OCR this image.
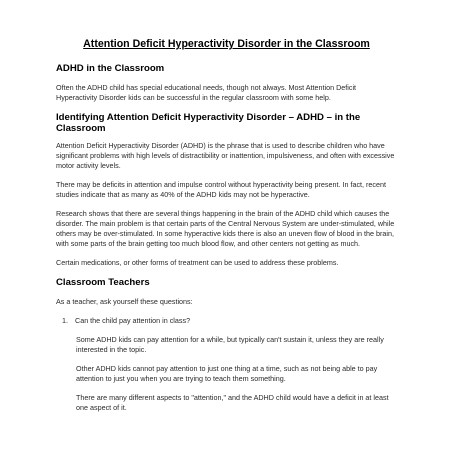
Attention Deficit Hyperactivity Disorder in the Classroom
ADHD in the Classroom

Often the ADHD child has special educational needs, though not always. Most Attention Deficit Hyperactivity Disorder kids can be successful in the regular classroom with some help.

Identifying Attention Deficit Hyperactivity Disorder – ADHD – in the Classroom

Attention Deficit Hyperactivity Disorder (ADHD) is the phrase that is used to describe children who have significant problems with high levels of distractibility or inattention, impulsiveness, and often with excessive motor activity levels.

There may be deficits in attention and impulse control without hyperactivity being present. In fact, recent studies indicate that as many as 40% of the ADHD kids may not be hyperactive.

Research shows that there are several things happening in the brain of the ADHD child which causes the disorder. The main problem is that certain parts of the Central Nervous System are under-stimulated, while others may be over-stimulated. In some hyperactive kids there is also an uneven flow of blood in the brain, with some parts of the brain getting too much blood flow, and other centers not getting as much.

Certain medications, or other forms of treatment can be used to address these problems.

Classroom Teachers

As a teacher, ask yourself these questions:

1. Can the child pay attention in class?

Some ADHD kids can pay attention for a while, but typically can't sustain it, unless they are really interested in the topic.

Other ADHD kids cannot pay attention to just one thing at a time, such as not being able to pay attention to just you when you are trying to teach them something.

There are many different aspects to "attention," and the ADHD child would have a deficit in at least one aspect of it.
